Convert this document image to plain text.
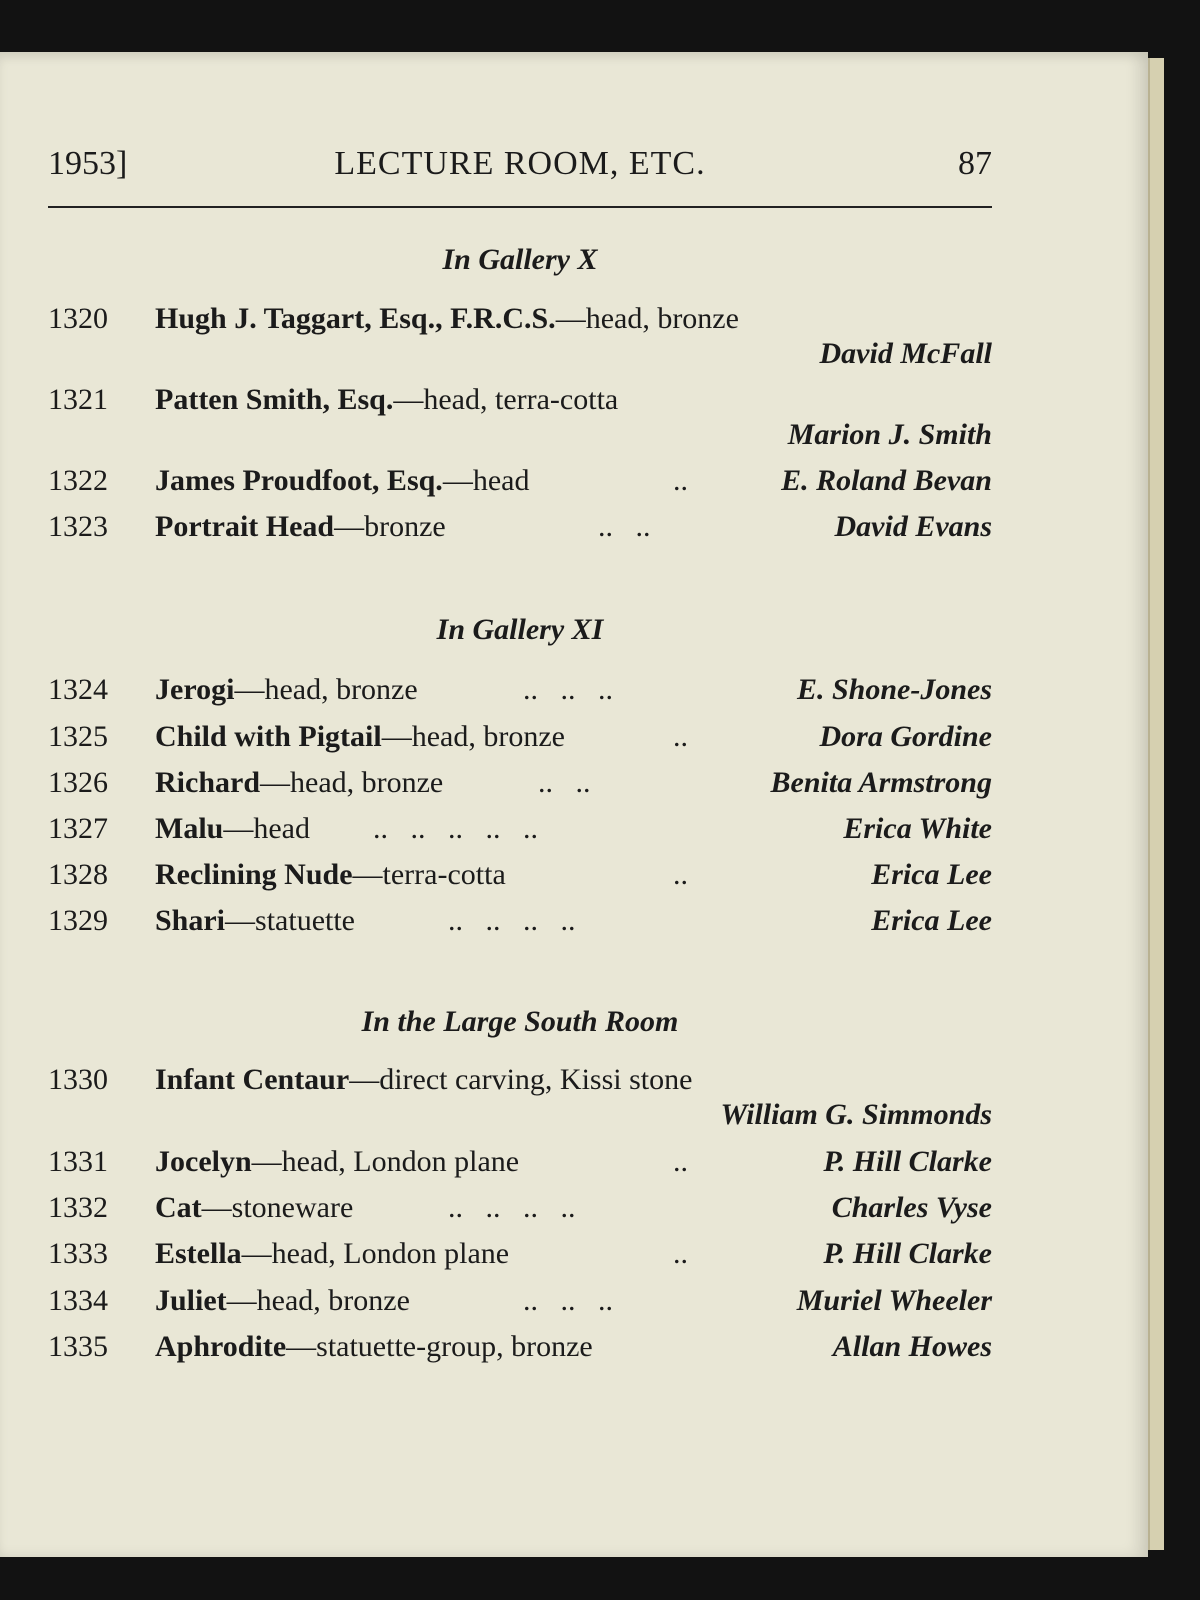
1953]	LECTURE ROOM, ETC.	87
In Gallery X
1320 Hugh J. Taggart, Esq., F.R.C.S.—head, bronze
David McFall
1321 Patten Smith, Esq.—head, terra-cotta
Marion J. Smith
1322 James Proudfoot, Esq.—head	..	E. Roland Bevan
1323 Portrait Head—bronze	..   ..	David Evans
In Gallery XI
1324 Jerogi—head, bronze	..   ..   ..	E. Shone-Jones
1325 Child with Pigtail—head, bronze	..	Dora Gordine
1326 Richard—head, bronze	..   ..	Benita Armstrong
1327 Malu—head ..   ..   ..   ..   ..	Erica White
1328 Reclining Nude—terra-cotta	..	Erica Lee
1329 Shari—statuette	..   ..   ..   ..	Erica Lee
In the Large South Room
1330 Infant Centaur—direct carving, Kissi stone
William G. Simmonds
1331 Jocelyn—head, London plane	..	P. Hill Clarke
1332 Cat—stoneware	..   ..   ..   ..	Charles Vyse
1333 Estella—head, London plane	..	P. Hill Clarke
1334 Juliet—head, bronze	..   ..   ..	Muriel Wheeler
1335 Aphrodite—statuette-group, bronze	Allan Howes
